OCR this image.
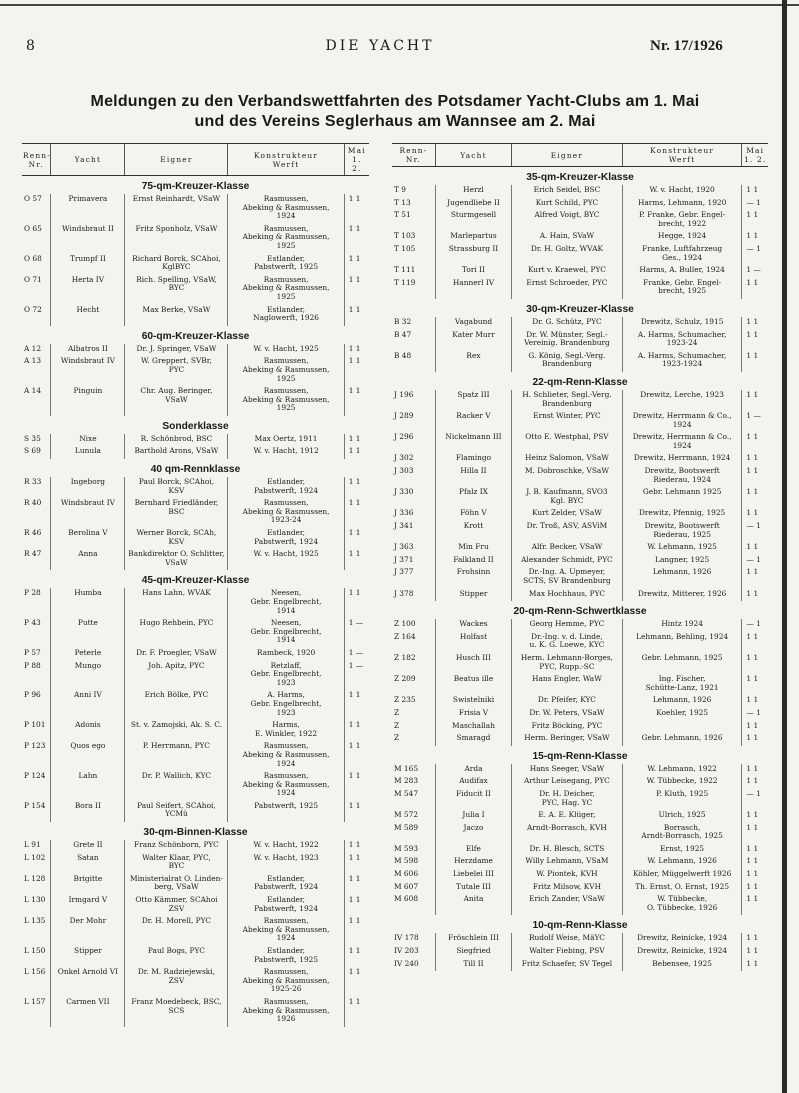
8	DIE YACHT	Nr. 17/1926
Meldungen zu den Verbandswettfahrten des Potsdamer Yacht-Clubs am 1. Mai
und des Vereins Seglerhaus am Wannsee am 2. Mai
Renn-
Nr.	Yacht	Eigner	Konstrukteur
Werft	Mai
1. 2.
75-qm-Kreuzer-Klasse				
O 57	Primavera	Ernst Reinhardt, VSaW	Rasmussen,
Abeking & Rasmussen,
1924	1 1
O 65	Windsbraut II	Fritz Sponholz, VSaW	Rasmussen,
Abeking & Rasmussen,
1925	1 1
O 68	Trumpf II	Richard Borck, SCAhoi,
KglBYC	Estlander,
Pabstwerft, 1925	1 1
O 71	Herta IV	Rich. Spelling, VSaW,
BYC	Rasmussen,
Abeking & Rasmussen,
1925	1 1
O 72	Hecht	Max Berke, VSaW	Estlander,
Naglowerft, 1926	1 1
60-qm-Kreuzer-Klasse				
A 12	Albatros II	Dr. J. Springer, VSaW	W. v. Hacht, 1925	1 1
A 13	Windsbraut IV	W. Greppert, SVBr,
PYC	Rasmussen,
Abeking & Rasmussen,
1925	1 1
A 14	Pinguin	Chr. Aug. Beringer,
VSaW	Rasmussen,
Abeking & Rasmussen,
1925	1 1
Sonderklasse				
S 35	Nixe	R. Schönbrod, BSC	Max Oertz, 1911	1 1
S 69	Lunula	Barthold Arons, VSaW	W. v. Hacht, 1912	1 1
40 qm-Rennklasse				
R 33	Ingeborg	Paul Borck, SCAhoi,
KSV	Estlander,
Pabstwerft, 1924	1 1
R 40	Windsbraut IV	Bernhard Friedländer,
BSC	Rasmussen,
Abeking & Rasmussen,
1923-24	1 1
R 46	Berolina V	Werner Borck, SCAh,
KSV	Estlander,
Pabstwerft, 1924	1 1
R 47	Anna	Bankdirektor O. Schlitter,
VSaW	W. v. Hacht, 1925	1 1
45-qm-Kreuzer-Klasse				
P 28	Humba	Hans Lahn, WVAK	Neesen,
Gebr. Engelbrecht,
1914	1 1
P 43	Putte	Hugo Rehbein, PYC	Neesen,
Gebr. Engelbrecht,
1914	1 —
P 57	Peterle	Dr. F. Proegler, VSaW	Rambeck, 1920	1 —
P 88	Mungo	Joh. Apitz, PYC	Retzlaff,
Gebr. Engelbrecht,
1923	1 —
P 96	Anni IV	Erich Bölke, PYC	A. Harms,
Gebr. Engelbrecht,
1923	1 1
P 101	Adonis	St. v. Zamojski, Ak. S. C.	Harms,
E. Winkler, 1922	1 1
P 123	Quos ego	P. Herrmann, PYC	Rasmussen,
Abeking & Rasmussen,
1924	1 1
P 124	Lahn	Dr. P. Wallich, KYC	Rasmussen,
Abeking & Rasmussen,
1924	1 1
P 154	Bora II	Paul Seifert, SCAhoi,
YCMü	Pabstwerft, 1925	1 1
30-qm-Binnen-Klasse				
L 91	Grete II	Franz Schönborn, PYC	W. v. Hacht, 1922	1 1
L 102	Satan	Walter Klaar, PYC,
BYC	W. v. Hacht, 1923	1 1
L 128	Brigitte	Ministerialrat O. Linden-
berg, VSaW	Estlander,
Pabstwerft, 1924	1 1
L 130	Irmgard V	Otto Kämmer, SCAhoi
ZSV	Estlander,
Pabstwerft, 1924	1 1
L 135	Der Mohr	Dr. H. Morell, PYC	Rasmussen,
Abeking & Rasmussen,
1924	1 1
L 150	Stipper	Paul Bogs, PYC	Estlander,
Pabstwerft, 1925	1 1
L 156	Onkel Arnold VI	Dr. M. Radziejewski,
ZSV	Rasmussen,
Abeking & Rasmussen,
1925-26	1 1
L 157	Carmen VII	Franz Moedebeck, BSC,
SCS	Rasmussen,
Abeking & Rasmussen,
1926	1 1
Renn-
Nr.	Yacht	Eigner	Konstrukteur
Werft	Mai
1. 2.
35-qm-Kreuzer-Klasse				
T 9	Herzl	Erich Seidel, BSC	W. v. Hacht, 1920	1 1
T 13	Jugendliebe II	Kurt Schild, PYC	Harms, Lehmann, 1920	— 1
T 51	Sturmgesell	Alfred Voigt, BYC	P. Franke, Gebr. Engel-
brecht, 1922	1 1
T 103	Marlepartus	A. Hain, SVaW	Hegge, 1924	1 1
T 105	Strassburg II	Dr. H. Goltz, WVAK	Franke, Luftfahrzeug
Ges., 1924	— 1
T 111	Tori II	Kurt v. Kraewel, PYC	Harms, A. Buller, 1924	1 —
T 119	Hannerl IV	Ernst Schroeder, PYC	Franke, Gebr. Engel-
brecht, 1925	1 1
30-qm-Kreuzer-Klasse				
B 32	Vagabund	Dr. G. Schütz, PYC	Drewitz, Schulz, 1915	1 1
B 47	Kater Murr	Dr. W. Münster, Segl.-
Vereinig. Brandenburg	A. Harms, Schumacher,
1923-24	1 1
B 48	Rex	G. König, Segl.-Verg.
Brandenburg	A. Harms, Schumacher,
1923-1924	1 1
22-qm-Renn-Klasse				
J 196	Spatz III	H. Schlieter, Segl.-Verg.
Brandenburg	Drewitz, Lerche, 1923	1 1
J 289	Racker V	Ernst Winter, PYC	Drewitz, Herrmann & Co.,
1924	1 —
J 296	Nickelmann III	Otto E. Westphal, PSV	Drewitz, Herrmann & Co.,
1924	1 1
J 302	Flamingo	Heinz Salomon, VSaW	Drewitz, Herrmann, 1924	1 1
J 303	Hilla II	M. Dobroschke, VSaW	Drewitz, Bootswerft
Riederau, 1924	1 1
J 330	Pfalz IX	J. B. Kaufmann, SVO3
Kgl. BYC	Gebr. Lehmann 1925	1 1
J 336	Föhn V	Kurt Zelder, VSaW	Drewitz, Pfennig, 1925	1 1
J 341	Krott	Dr. Troß, ASV, ASViM	Drewitz, Bootswerft
Riederau, 1925	— 1
J 363	Min Fru	Alfr. Becker, VSaW	W. Lehmann, 1925	1 1
J 371	Falkland II	Alexander Schmidt, PYC	Langner, 1925	— 1
J 377	Frohsinn	Dr.-Ing. A. Upmeyer,
SCTS, SV Brandenburg	Lehmann, 1926	1 1
J 378	Stipper	Max Hochhaus, PYC	Drewitz, Mitterer, 1926	1 1
20-qm-Renn-Schwertklasse				
Z 100	Wackes	Georg Hemme, PYC	Hintz 1924	— 1
Z 164	Holfast	Dr.-Ing. v. d. Linde,
u. K. G. Loewe, KYC	Lehmann, Behling, 1924	1 1
Z 182	Husch III	Herm. Lehmann-Borges,
PYC, Rupp.-SC	Gebr. Lehmann, 1925	1 1
Z 209	Beatus ille	Hans Engler, WaW	Ing. Fischer,
Schütte-Lanz, 1921	1 1
Z 235	Swistelniki	Dr. Pfeifer, KYC	Lehmann, 1926	1 1
Z	Frisia V	Dr. W. Peters, VSaW	Koehler, 1925	— 1
Z	Maschallah	Fritz Böcking, PYC		1 1
Z	Smaragd	Herm. Beringer, VSaW	Gebr. Lehmann, 1926	1 1
15-qm-Renn-Klasse				
M 165	Arda	Hans Seeger, VSaW	W. Lehmann, 1922	1 1
M 283	Audifax	Arthur Leisegang, PYC	W. Tübbecke, 1922	1 1
M 547	Fiducit II	Dr. H. Deicher,
PYC, Hag. YC	P. Kluth, 1925	— 1
M 572	Julia I	E. A. E. Klüger,	Ulrich, 1925	1 1
M 589	Jaczo	Arndt-Borrasch, KVH	Borrasch,
Arndt-Borrasch, 1925	1 1
M 593	Elfe	Dr. H. Blesch, SCTS	Ernst, 1925	1 1
M 598	Herzdame	Willy Lehmann, VSaM	W. Lehmann, 1926	1 1
M 606	Liebelei III	W. Piontek, KVH	Köhler, Müggelwerft 1926	1 1
M 607	Tutale III	Fritz Milsow, KVH	Th. Ernst, O. Ernst, 1925	1 1
M 608	Anita	Erich Zander, VSaW	W. Tübbecke,
O. Tübbecke, 1926	1 1
10-qm-Renn-Klasse				
IV 178	Fröschlein III	Rudolf Weise, MäYC	Drewitz, Reinicke, 1924	1 1
IV 203	Siegfried	Walter Fiebing, PSV	Drewitz, Reinicke, 1924	1 1
IV 240	Till II	Fritz Schaefer, SV Tegel	Bebensee, 1925	1 1
